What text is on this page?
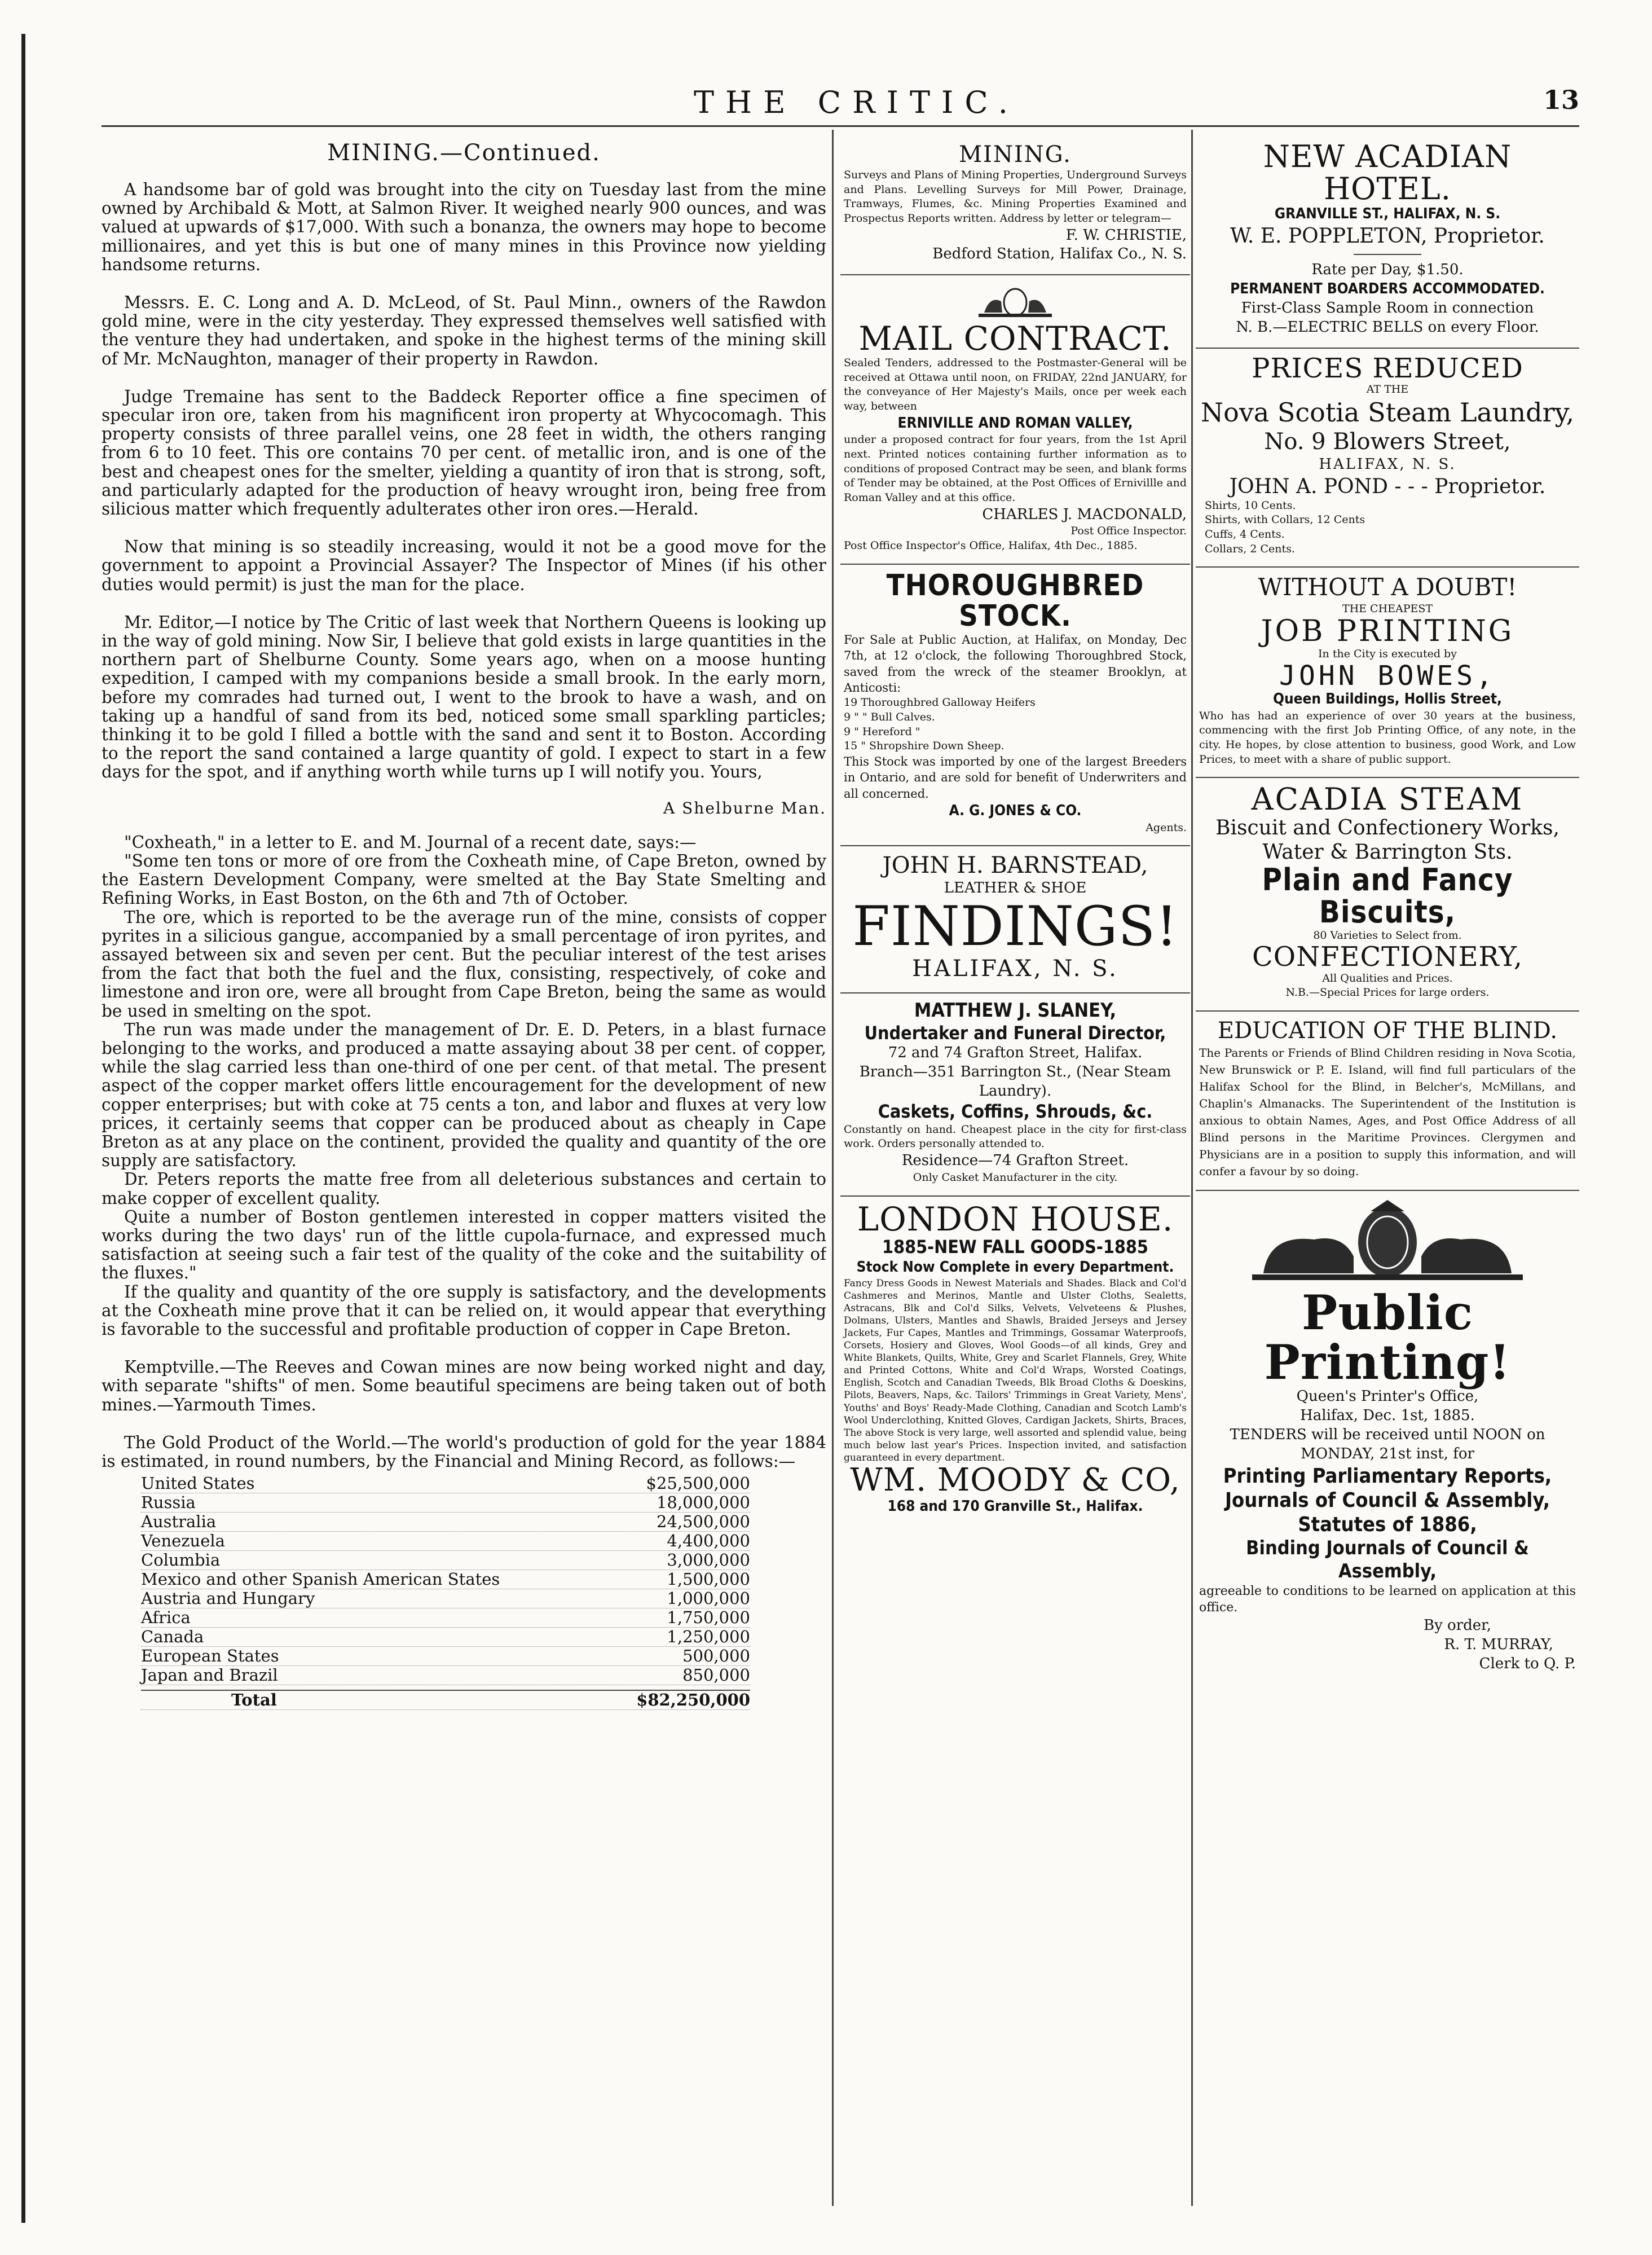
THE CRITIC.	13
MINING.—Continued.

A handsome bar of gold was brought into the city on Tuesday last from the mine owned by Archibald & Mott, at Salmon River. It weighed nearly 900 ounces, and was valued at upwards of $17,000. With such a bonanza, the owners may hope to become millionaires, and yet this is but one of many mines in this Province now yielding handsome returns.

Messrs. E. C. Long and A. D. McLeod, of St. Paul Minn., owners of the Rawdon gold mine, were in the city yesterday. They expressed themselves well satisfied with the venture they had undertaken, and spoke in the highest terms of the mining skill of Mr. McNaughton, manager of their property in Rawdon.

Judge Tremaine has sent to the Baddeck Reporter office a fine specimen of specular iron ore, taken from his magnificent iron property at Whycocomagh. This property consists of three parallel veins, one 28 feet in width, the others ranging from 6 to 10 feet. This ore contains 70 per cent. of metallic iron, and is one of the best and cheapest ones for the smelter, yielding a quantity of iron that is strong, soft, and particularly adapted for the production of heavy wrought iron, being free from silicious matter which frequently adulterates other iron ores.—Herald.

Now that mining is so steadily increasing, would it not be a good move for the government to appoint a Provincial Assayer? The Inspector of Mines (if his other duties would permit) is just the man for the place.

Mr. Editor,—I notice by The Critic of last week that Northern Queens is looking up in the way of gold mining. Now Sir, I believe that gold exists in large quantities in the northern part of Shelburne County. Some years ago, when on a moose hunting expedition, I camped with my companions beside a small brook. In the early morn, before my comrades had turned out, I went to the brook to have a wash, and on taking up a handful of sand from its bed, noticed some small sparkling particles; thinking it to be gold I filled a bottle with the sand and sent it to Boston. According to the report the sand contained a large quantity of gold. I expect to start in a few days for the spot, and if anything worth while turns up I will notify you. Yours,

A Shelburne Man.

"Coxheath," in a letter to E. and M. Journal of a recent date, says:—

"Some ten tons or more of ore from the Coxheath mine, of Cape Breton, owned by the Eastern Development Company, were smelted at the Bay State Smelting and Refining Works, in East Boston, on the 6th and 7th of October.

The ore, which is reported to be the average run of the mine, consists of copper pyrites in a silicious gangue, accompanied by a small percentage of iron pyrites, and assayed between six and seven per cent. But the peculiar interest of the test arises from the fact that both the fuel and the flux, consisting, respectively, of coke and limestone and iron ore, were all brought from Cape Breton, being the same as would be used in smelting on the spot.

The run was made under the management of Dr. E. D. Peters, in a blast furnace belonging to the works, and produced a matte assaying about 38 per cent. of copper, while the slag carried less than one-third of one per cent. of that metal. The present aspect of the copper market offers little encouragement for the development of new copper enterprises; but with coke at 75 cents a ton, and labor and fluxes at very low prices, it certainly seems that copper can be produced about as cheaply in Cape Breton as at any place on the continent, provided the quality and quantity of the ore supply are satisfactory.

Dr. Peters reports the matte free from all deleterious substances and certain to make copper of excellent quality.

Quite a number of Boston gentlemen interested in copper matters visited the works during the two days' run of the little cupola-furnace, and expressed much satisfaction at seeing such a fair test of the quality of the coke and the suitability of the fluxes."

If the quality and quantity of the ore supply is satisfactory, and the developments at the Coxheath mine prove that it can be relied on, it would appear that everything is favorable to the successful and profitable production of copper in Cape Breton.

Kemptville.—The Reeves and Cowan mines are now being worked night and day, with separate "shifts" of men. Some beautiful specimens are being taken out of both mines.—Yarmouth Times.

The Gold Product of the World.—The world's production of gold for the year 1884 is estimated, in round numbers, by the Financial and Mining Record, as follows:—

United States	$25,500,000
Russia	18,000,000
Australia	24,500,000
Venezuela	4,400,000
Columbia	3,000,000
Mexico and other Spanish American States	1,500,000
Austria and Hungary	1,000,000
Africa	1,750,000
Canada	1,250,000
European States	500,000
Japan and Brazil	850,000
Total	$82,250,000
MINING.
Surveys and Plans of Mining Properties, Underground Surveys and Plans. Levelling Surveys for Mill Power, Drainage, Tramways, Flumes, &c. Mining Properties Examined and Prospectus Reports written. Address by letter or telegram—
F. W. CHRISTIE,
Bedford Station, Halifax Co., N. S.
MAIL CONTRACT.
Sealed Tenders, addressed to the Postmaster-General will be received at Ottawa until noon, on FRIDAY, 22nd JANUARY, for the conveyance of Her Majesty's Mails, once per week each way, between
ERNIVILLE AND ROMAN VALLEY,
under a proposed contract for four years, from the 1st April next. Printed notices containing further information as to conditions of proposed Contract may be seen, and blank forms of Tender may be obtained, at the Post Offices of Ernivillle and Roman Valley and at this office.
CHARLES J. MACDONALD,
Post Office Inspector.
Post Office Inspector's Office, Halifax, 4th Dec., 1885.
THOROUGHBRED STOCK.
For Sale at Public Auction, at Halifax, on Monday, Dec 7th, at 12 o'clock, the following Thoroughbred Stock, saved from the wreck of the steamer Brooklyn, at Anticosti:
19 Thoroughbred Galloway Heifers
9 " " Bull Calves.
9 " Hereford "
15 " Shropshire Down Sheep.
This Stock was imported by one of the largest Breeders in Ontario, and are sold for benefit of Underwriters and all concerned.
A. G. JONES & CO.
Agents.
JOHN H. BARNSTEAD,
LEATHER & SHOE
FINDINGS!
HALIFAX, N. S.
MATTHEW J. SLANEY,
Undertaker and Funeral Director,
72 and 74 Grafton Street, Halifax.
Branch—351 Barrington St., (Near Steam Laundry).
Caskets, Coffins, Shrouds, &c.
Constantly on hand. Cheapest place in the city for first-class work. Orders personally attended to.
Residence—74 Grafton Street.
Only Casket Manufacturer in the city.
LONDON HOUSE.
1885-NEW FALL GOODS-1885
Stock Now Complete in every Department.
Fancy Dress Goods in Newest Materials and Shades. Black and Col'd Cashmeres and Merinos, Mantle and Ulster Cloths, Sealetts, Astracans, Blk and Col'd Silks, Velvets, Velveteens & Plushes, Dolmans, Ulsters, Mantles and Shawls, Braided Jerseys and Jersey Jackets, Fur Capes, Mantles and Trimmings, Gossamar Waterproofs, Corsets, Hosiery and Gloves, Wool Goods—of all kinds, Grey and White Blankets, Quilts, White, Grey and Scarlet Flannels, Grey, White and Printed Cottons, White and Col'd Wraps, Worsted Coatings, English, Scotch and Canadian Tweeds, Blk Broad Cloths & Doeskins, Pilots, Beavers, Naps, &c. Tailors' Trimmings in Great Variety, Mens', Youths' and Boys' Ready-Made Clothing, Canadian and Scotch Lamb's Wool Underclothing, Knitted Gloves, Cardigan Jackets, Shirts, Braces, The above Stock is very large, well assorted and splendid value, being much below last year's Prices. Inspection invited, and satisfaction guaranteed in every department.
WM. MOODY & CO,
168 and 170 Granville St., Halifax.
NEW ACADIAN HOTEL.
GRANVILLE ST., HALIFAX, N. S.
W. E. POPPLETON, Proprietor.
Rate per Day, $1.50.
PERMANENT BOARDERS ACCOMMODATED.
First-Class Sample Room in connection
N. B.—ELECTRIC BELLS on every Floor.
PRICES REDUCED
AT THE
Nova Scotia Steam Laundry,
No. 9 Blowers Street,
HALIFAX, N. S.
JOHN A. POND - - - Proprietor.
Shirts, 10 Cents.
Shirts, with Collars, 12 Cents
Cuffs, 4 Cents.
Collars, 2 Cents.
WITHOUT A DOUBT!
THE CHEAPEST
JOB PRINTING
In the City is executed by
JOHN BOWES,
Queen Buildings, Hollis Street,
Who has had an experience of over 30 years at the business, commencing with the first Job Printing Office, of any note, in the city. He hopes, by close attention to business, good Work, and Low Prices, to meet with a share of public support.
ACADIA STEAM
Biscuit and Confectionery Works,
Water & Barrington Sts.
Plain and Fancy Biscuits,
80 Varieties to Select from.
CONFECTIONERY,
All Qualities and Prices.
N.B.—Special Prices for large orders.
EDUCATION OF THE BLIND.
The Parents or Friends of Blind Children residing in Nova Scotia, New Brunswick or P. E. Island, will find full particulars of the Halifax School for the Blind, in Belcher's, McMillans, and Chaplin's Almanacks. The Superintendent of the Institution is anxious to obtain Names, Ages, and Post Office Address of all Blind persons in the Maritime Provinces. Clergymen and Physicians are in a position to supply this information, and will confer a favour by so doing.
Public Printing!
Queen's Printer's Office,
Halifax, Dec. 1st, 1885.
TENDERS will be received until NOON on MONDAY, 21st inst, for
Printing Parliamentary Reports,
Journals of Council & Assembly,
Statutes of 1886,
Binding Journals of Council & Assembly,
agreeable to conditions to be learned on application at this office.
By order,
R. T. MURRAY,
Clerk to Q. P.
